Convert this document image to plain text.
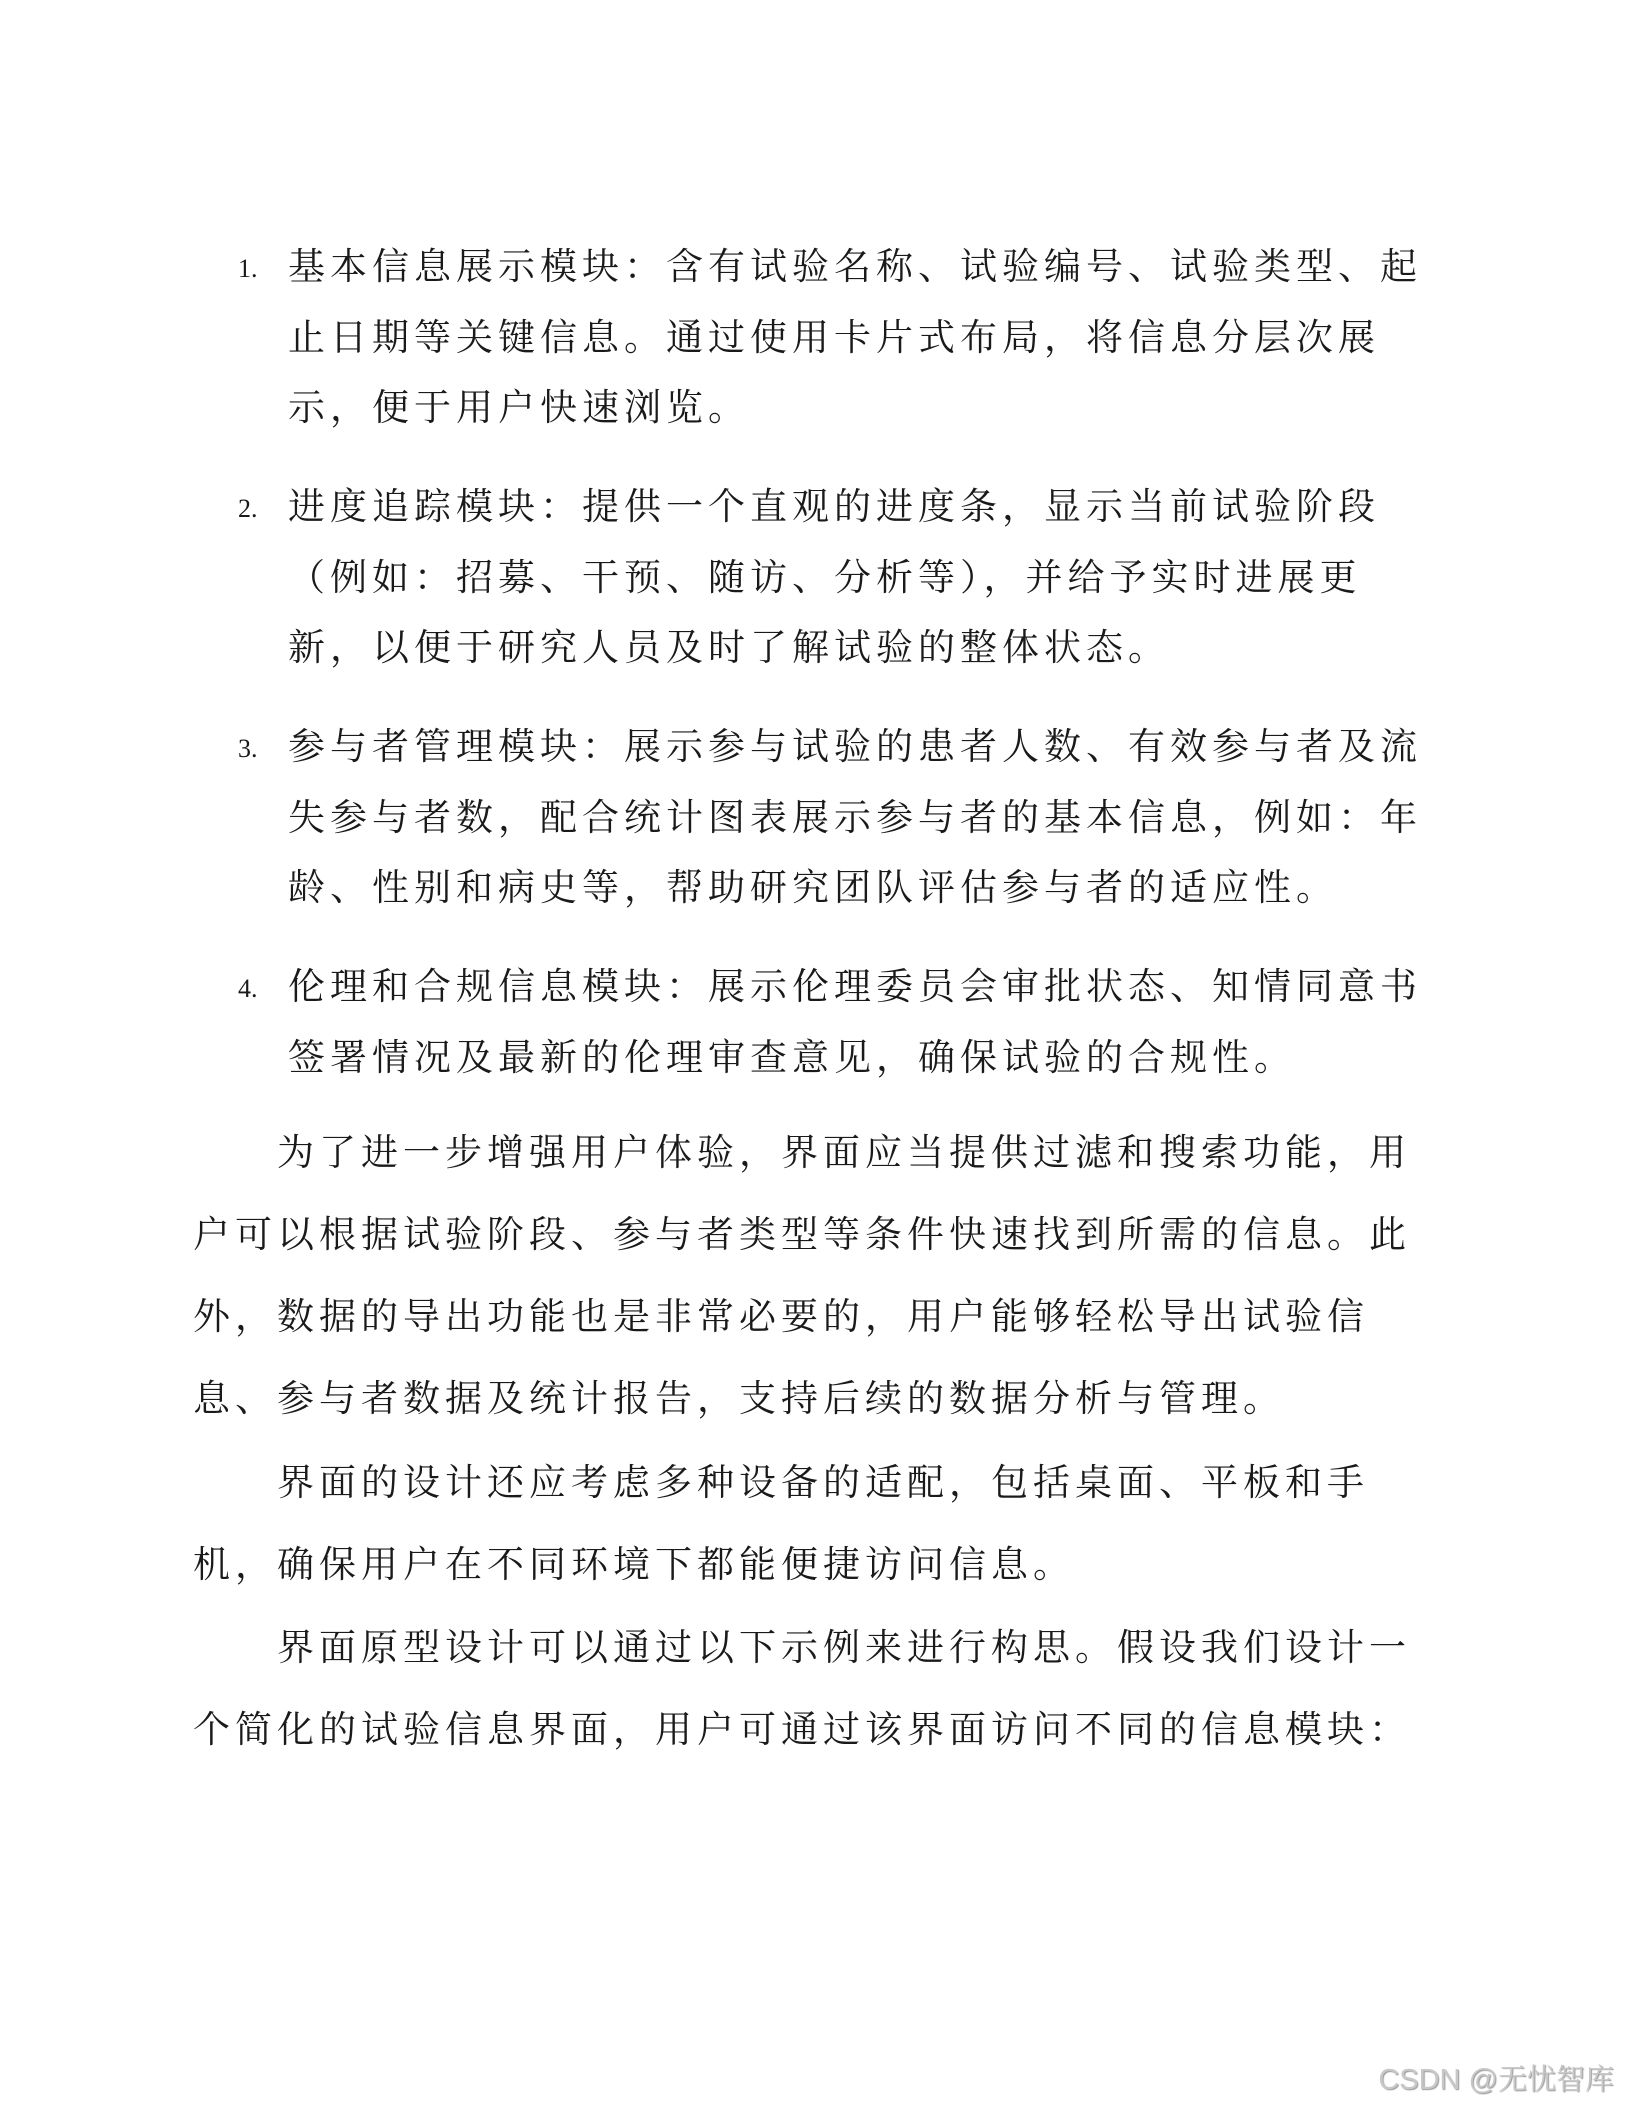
1. 基本信息展示模块：含有试验名称、试验编号、试验类型、起
止日期等关键信息。通过使用卡片式布局，将信息分层次展
示，便于用户快速浏览。
2. 进度追踪模块：提供一个直观的进度条，显示当前试验阶段
（例如：招募、干预、随访、分析等），并给予实时进展更
新，以便于研究人员及时了解试验的整体状态。
3. 参与者管理模块：展示参与试验的患者人数、有效参与者及流
失参与者数，配合统计图表展示参与者的基本信息，例如：年
龄、性别和病史等，帮助研究团队评估参与者的适应性。
4. 伦理和合规信息模块：展示伦理委员会审批状态、知情同意书
签署情况及最新的伦理审查意见，确保试验的合规性。
为了进一步增强用户体验，界面应当提供过滤和搜索功能，用
户可以根据试验阶段、参与者类型等条件快速找到所需的信息。此
外，数据的导出功能也是非常必要的，用户能够轻松导出试验信
息、参与者数据及统计报告，支持后续的数据分析与管理。
界面的设计还应考虑多种设备的适配，包括桌面、平板和手
机，确保用户在不同环境下都能便捷访问信息。
界面原型设计可以通过以下示例来进行构思。假设我们设计一
个简化的试验信息界面，用户可通过该界面访问不同的信息模块：
CSDN @无忧智库
